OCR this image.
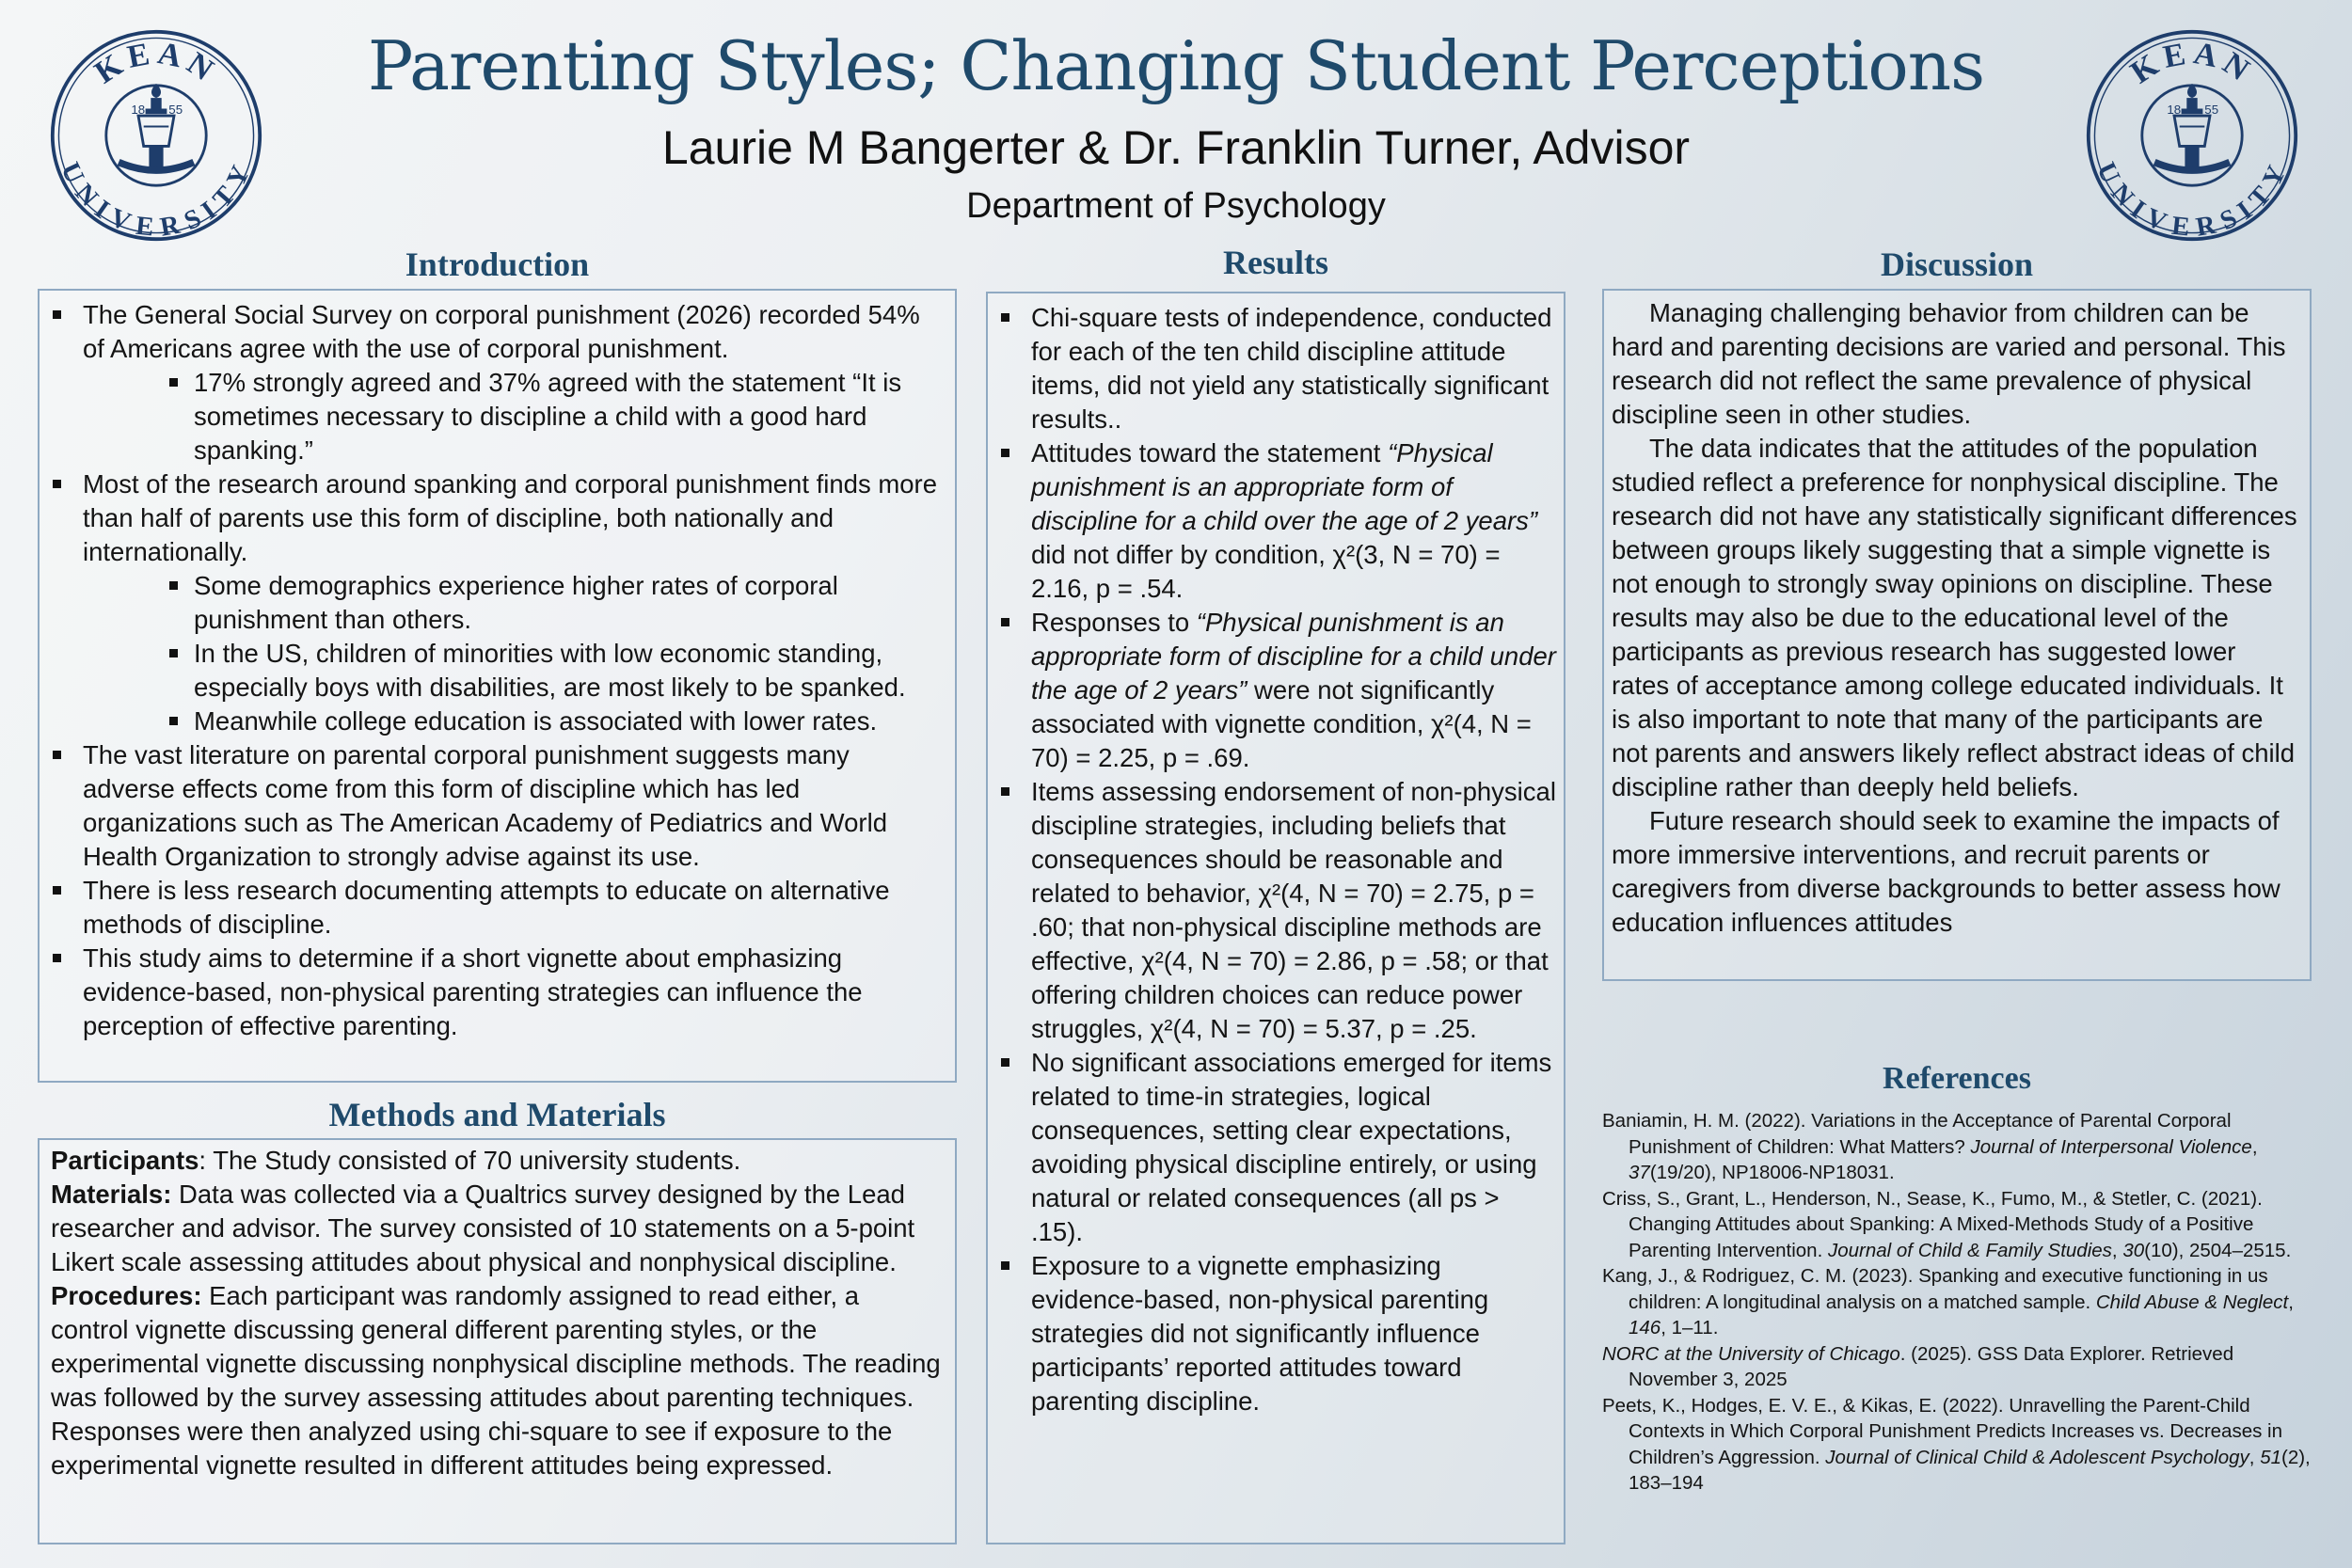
KEAN
UNIVERSITY
18 55
KEAN
UNIVERSITY
18 55
Parenting Styles; Changing Student Perceptions
Laurie M Bangerter & Dr. Franklin Turner, Advisor
Department of Psychology
Introduction
The General Social Survey on corporal punishment (2026) recorded 54% of Americans agree with the use of corporal punishment.
17% strongly agreed and 37% agreed with the statement “It is sometimes necessary to discipline a child with a good hard spanking.”
Most of the research around spanking and corporal punishment finds more than half of parents use this form of discipline, both nationally and internationally.
Some demographics experience higher rates of corporal punishment than others.
In the US, children of minorities with low economic standing, especially boys with disabilities, are most likely to be spanked.
Meanwhile college education is associated with lower rates.
The vast literature on parental corporal punishment suggests many adverse effects come from this form of discipline which has led organizations such as The American Academy of Pediatrics and World Health Organization to strongly advise against its use.
There is less research documenting attempts to educate on alternative methods of discipline.
This study aims to determine if a short vignette about emphasizing evidence-based, non-physical parenting strategies can influence the perception of effective parenting.
Methods and Materials

Participants: The Study consisted of 70 university students.

Materials: Data was collected via a Qualtrics survey designed by the Lead researcher and advisor. The survey consisted of 10 statements on a 5-point Likert scale assessing attitudes about physical and nonphysical discipline.

Procedures: Each participant was randomly assigned to read either, a control vignette discussing general different parenting styles, or the experimental vignette discussing nonphysical discipline methods. The reading was followed by the survey assessing attitudes about parenting techniques. Responses were then analyzed using chi-square to see if exposure to the experimental vignette resulted in different attitudes being expressed.

Results
Chi-square tests of independence, conducted for each of the ten child discipline attitude items, did not yield any statistically significant results..
Attitudes toward the statement “Physical punishment is an appropriate form of discipline for a child over the age of 2 years” did not differ by condition, χ²(3, N = 70) = 2.16, p = .54.
Responses to “Physical punishment is an appropriate form of discipline for a child under the age of 2 years” were not significantly associated with vignette condition, χ²(4, N = 70) = 2.25, p = .69.
Items assessing endorsement of non-physical discipline strategies, including beliefs that consequences should be reasonable and related to behavior, χ²(4, N = 70) = 2.75, p = .60; that non-physical discipline methods are effective, χ²(4, N = 70) = 2.86, p = .58; or that offering children choices can reduce power struggles, χ²(4, N = 70) = 5.37, p = .25.
No significant associations emerged for items related to time-in strategies, logical consequences, setting clear expectations, avoiding physical discipline entirely, or using natural or related consequences (all ps > .15).
Exposure to a vignette emphasizing evidence-based, non-physical parenting strategies did not significantly influence participants’ reported attitudes toward parenting discipline.
Discussion

Managing challenging behavior from children can be hard and parenting decisions are varied and personal. This research did not reflect the same prevalence of physical discipline seen in other studies.

The data indicates that the attitudes of the population studied reflect a preference for nonphysical discipline. The research did not have any statistically significant differences between groups likely suggesting that a simple vignette is not enough to strongly sway opinions on discipline. These results may also be due to the educational level of the participants as previous research has suggested lower rates of acceptance among college educated individuals. It is also important to note that many of the participants are not parents and answers likely reflect abstract ideas of child discipline rather than deeply held beliefs.

Future research should seek to examine the impacts of more immersive interventions, and recruit parents or caregivers from diverse backgrounds to better assess how education influences attitudes

References

Baniamin, H. M. (2022). Variations in the Acceptance of Parental Corporal Punishment of Children: What Matters? Journal of Interpersonal Violence, 37(19/20), NP18006-NP18031.

Criss, S., Grant, L., Henderson, N., Sease, K., Fumo, M., & Stetler, C. (2021). Changing Attitudes about Spanking: A Mixed-Methods Study of a Positive Parenting Intervention. Journal of Child & Family Studies, 30(10), 2504–2515.

Kang, J., & Rodriguez, C. M. (2023). Spanking and executive functioning in us children: A longitudinal analysis on a matched sample. Child Abuse & Neglect, 146, 1–11.

NORC at the University of Chicago. (2025). GSS Data Explorer. Retrieved November 3, 2025

Peets, K., Hodges, E. V. E., & Kikas, E. (2022). Unravelling the Parent-Child Contexts in Which Corporal Punishment Predicts Increases vs. Decreases in Children’s Aggression. Journal of Clinical Child & Adolescent Psychology, 51(2), 183–194
